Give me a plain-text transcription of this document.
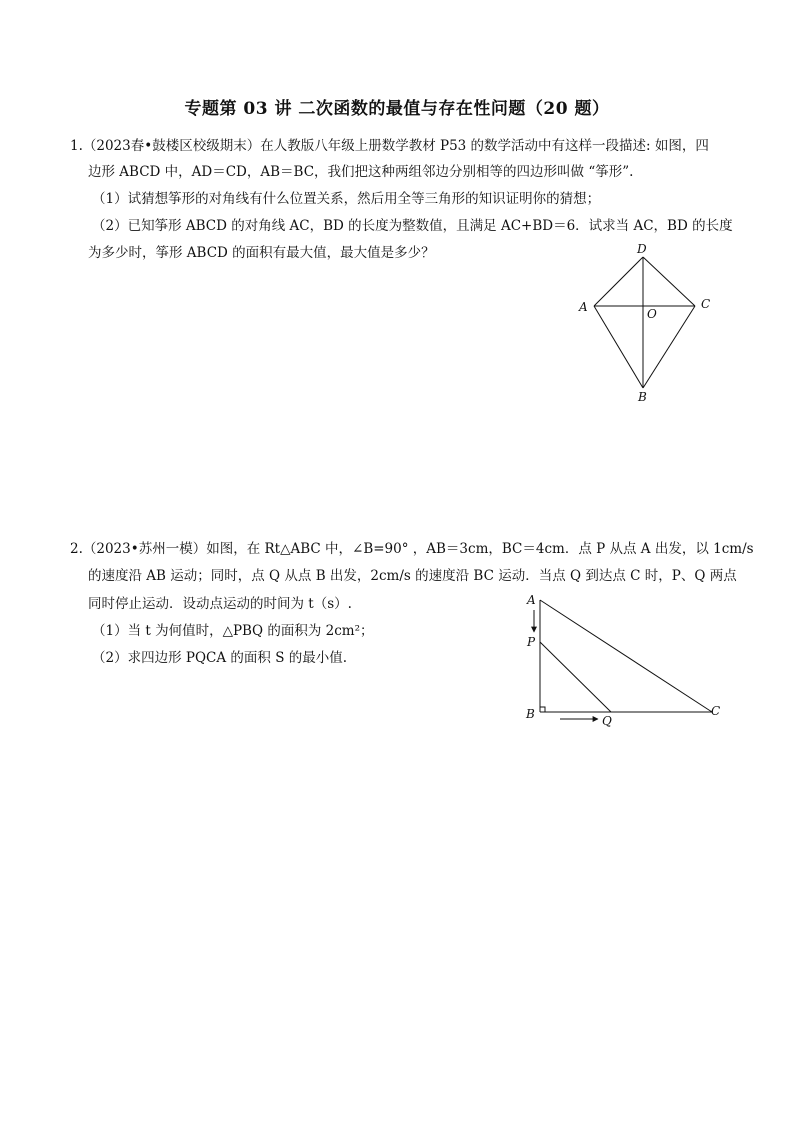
专题第 03 讲 二次函数的最值与存在性问题（20 题）
1.（2023春•鼓楼区校级期末）在人教版八年级上册数学教材 P53 的数学活动中有这样一段描述: 如图，四
边形 ABCD 中，AD＝CD，AB＝BC，我们把这种两组邻边分别相等的四边形叫做 “筝形”.
（1）试猜想筝形的对角线有什么位置关系，然后用全等三角形的知识证明你的猜想；
（2）已知筝形 ABCD 的对角线 AC，BD 的长度为整数值，且满足 AC+BD＝6．试求当 AC，BD 的长度
为多少时，筝形 ABCD 的面积有最大值，最大值是多少？	D
A	C
O
B
2.（2023•苏州一模）如图，在 Rt△ABC 中，∠B=90° ，AB＝3cm，BC＝4cm．点 P 从点 A 出发，以 1cm/s
的速度沿 AB 运动；同时，点 Q 从点 B 出发，2cm/s 的速度沿 BC 运动．当点 Q 到达点 C 时，P、Q 两点
同时停止运动．设动点运动的时间为 t（s）.
（1）当 t 为何值时，△PBQ 的面积为 2cm²；
（2）求四边形 PQCA 的面积 S 的最小值.
A
P
B	Q
C
